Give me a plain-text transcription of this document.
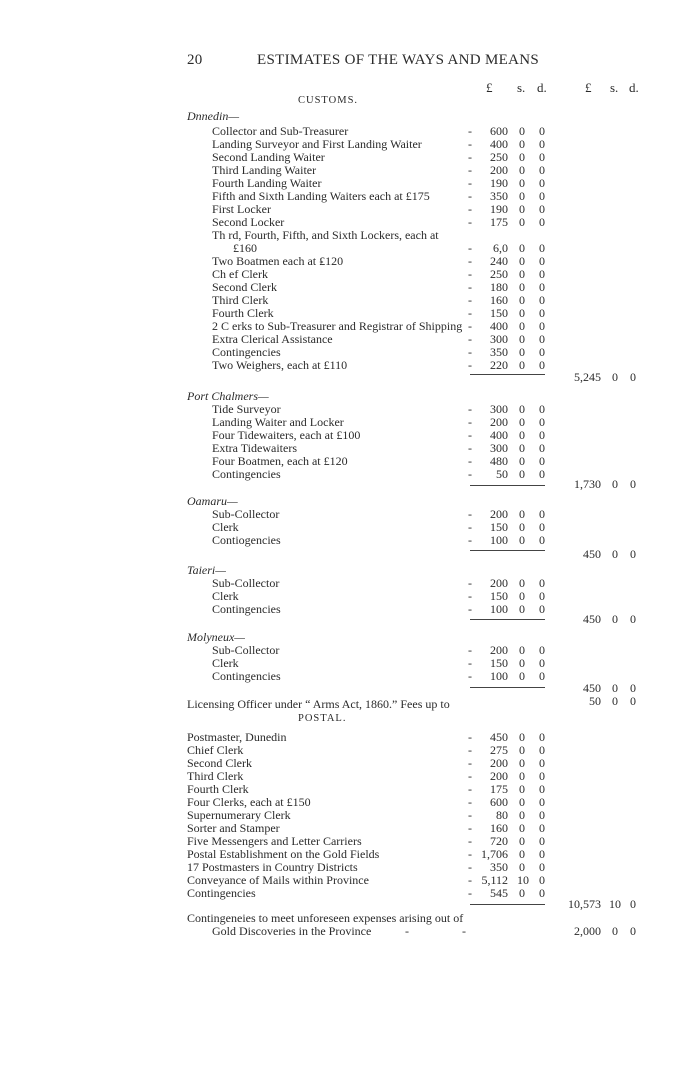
20	ESTIMATES OF THE WAYS AND MEANS
£ s. d.	£ s. d.
CUSTOMS.
POSTAL.
Dnnedin—
Collector and Sub-Treasurer	- 600 0 0
Landing Surveyor and First Landing Waiter	- 400 0 0
Second Landing Waiter	- 250 0 0
Third Landing Waiter	- 200 0 0
Fourth Landing Waiter	- 190 0 0
Fifth and Sixth Landing Waiters each at £175	- 350 0 0
First Locker	- 190 0 0
Second Locker	- 175 0 0
Th rd, Fourth, Fifth, and Sixth Lockers, each at
£160	- 6,0 0 0
Two Boatmen each at ₤120	- 240 0 0
Ch ef Clerk	- 250 0 0
Second Clerk	- 180 0 0
Third Clerk	- 160 0 0
Fourth Clerk	- 150 0 0
2 C erks to Sub-Treasurer and Registrar of Shipping - 400 0 0
Extra Clerical Assistance	- 300 0 0
Contingencies	- 350 0 0
Two Weighers, each at £110	- 220 0 0
5,245 0 0
Port Chalmers—
Tide Surveyor	- 300 0 0
Landing Waiter and Locker	- 200 0 0
Four Tidewaiters, each at £100	- 400 0 0
Extra Tidewaiters	- 300 0 0
Four Boatmen, each at £120	- 480 0 0
Contingencies	- 50 0 0
1,730 0 0
Oamaru—
Sub-Collector	- 200 0 0
Clerk	- 150 0 0
Contiogencies	- 100 0 0
450 0 0
Taieri—
Sub-Collector	- 200 0 0
Clerk	- 150 0 0
Contingencies	- 100 0 0
450 0 0
Molyneux—
Sub-Collector	- 200 0 0
Clerk	- 150 0 0
Contingencies	- 100 0 0
450 0 0
Licensing Officer under “ Arms Act, 1860.” Fees up to	50 0 0
Postmaster, Dunedin	- 450 0 0
Chief Clerk	- 275 0 0
Second Clerk	- 200 0 0
Third Clerk	- 200 0 0
Fourth Clerk	- 175 0 0
Four Clerks, each at £150	- 600 0 0
Supernumerary Clerk	- 80 0 0
Sorter and Stamper	- 160 0 0
Five Messengers and Letter Carriers	- 720 0 0
Postal Establishment on the Gold Fields	- 1,706 0 0
17 Postmasters in Country Districts	- 350 0 0
Conveyance of Mails within Province	- 5,112 10 0
Contingencies	- 545 0 0
10,573 10 0
Contingeneies to meet unforeseen expenses arising out of
Gold Discoveries in the Province	-	-	2,000 0 0
